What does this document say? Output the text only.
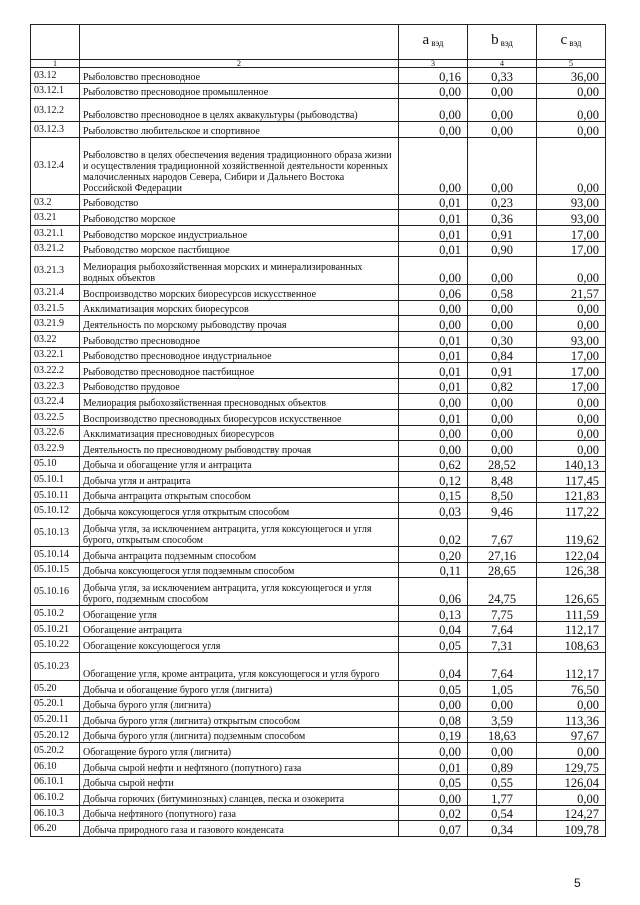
		a $_{вэд}$	b $_{вэд}$	c $_{вэд}$
1	2	3	4	5
03.12	Рыболовство пресноводное	0,16	0,33	36,00
03.12.1	Рыболовство пресноводное промышленное	0,00	0,00	0,00
03.12.2	Рыболовство пресноводное в целях аквакультуры (рыбоводства)	0,00	0,00	0,00
03.12.3	Рыболовство любительское и спортивное	0,00	0,00	0,00
03.12.4	Рыболовство в целях обеспечения ведения традиционного образа жизни и осуществления традиционной хозяйственной деятельности коренных малочисленных народов Севера, Сибири и Дальнего Востока Российской Федерации	0,00	0,00	0,00
03.2	Рыбоводство	0,01	0,23	93,00
03.21	Рыбоводство морское	0,01	0,36	93,00
03.21.1	Рыбоводство морское индустриальное	0,01	0,91	17,00
03.21.2	Рыбоводство морское пастбищное	0,01	0,90	17,00
03.21.3	Мелиорация рыбохозяйственная морских и минерализированных водных объектов	0,00	0,00	0,00
03.21.4	Воспроизводство морских биоресурсов искусственное	0,06	0,58	21,57
03.21.5	Акклиматизация морских биоресурсов	0,00	0,00	0,00
03.21.9	Деятельность по морскому рыбоводству прочая	0,00	0,00	0,00
03.22	Рыбоводство пресноводное	0,01	0,30	93,00
03.22.1	Рыбоводство пресноводное индустриальное	0,01	0,84	17,00
03.22.2	Рыбоводство пресноводное пастбищное	0,01	0,91	17,00
03.22.3	Рыбоводство прудовое	0,01	0,82	17,00
03.22.4	Мелиорация рыбохозяйственная пресноводных объектов	0,00	0,00	0,00
03.22.5	Воспроизводство пресноводных биоресурсов искусственное	0,01	0,00	0,00
03.22.6	Акклиматизация пресноводных биоресурсов	0,00	0,00	0,00
03.22.9	Деятельность по пресноводному рыбоводству прочая	0,00	0,00	0,00
05.10	Добыча и обогащение угля и антрацита	0,62	28,52	140,13
05.10.1	Добыча угля и антрацита	0,12	8,48	117,45
05.10.11	Добыча антрацита открытым способом	0,15	8,50	121,83
05.10.12	Добыча коксующегося угля открытым способом	0,03	9,46	117,22
05.10.13	Добыча угля, за исключением антрацита, угля коксующегося и угля бурого, открытым способом	0,02	7,67	119,62
05.10.14	Добыча антрацита подземным способом	0,20	27,16	122,04
05.10.15	Добыча коксующегося угля подземным способом	0,11	28,65	126,38
05.10.16	Добыча угля, за исключением антрацита, угля коксующегося и угля бурого, подземным способом	0,06	24,75	126,65
05.10.2	Обогащение угля	0,13	7,75	111,59
05.10.21	Обогащение антрацита	0,04	7,64	112,17
05.10.22	Обогащение коксующегося угля	0,05	7,31	108,63
05.10.23	Обогащение угля, кроме антрацита, угля коксующегося и угля бурого	0,04	7,64	112,17
05.20	Добыча и обогащение бурого угля (лигнита)	0,05	1,05	76,50
05.20.1	Добыча бурого угля (лигнита)	0,00	0,00	0,00
05.20.11	Добыча бурого угля (лигнита) открытым способом	0,08	3,59	113,36
05.20.12	Добыча бурого угля (лигнита) подземным способом	0,19	18,63	97,67
05.20.2	Обогащение бурого угля (лигнита)	0,00	0,00	0,00
06.10	Добыча сырой нефти и нефтяного (попутного) газа	0,01	0,89	129,75
06.10.1	Добыча сырой нефти	0,05	0,55	126,04
06.10.2	Добыча горючих (битуминозных) сланцев, песка и озокерита	0,00	1,77	0,00
06.10.3	Добыча нефтяного (попутного) газа	0,02	0,54	124,27
06.20	Добыча природного газа и газового конденсата	0,07	0,34	109,78
5
